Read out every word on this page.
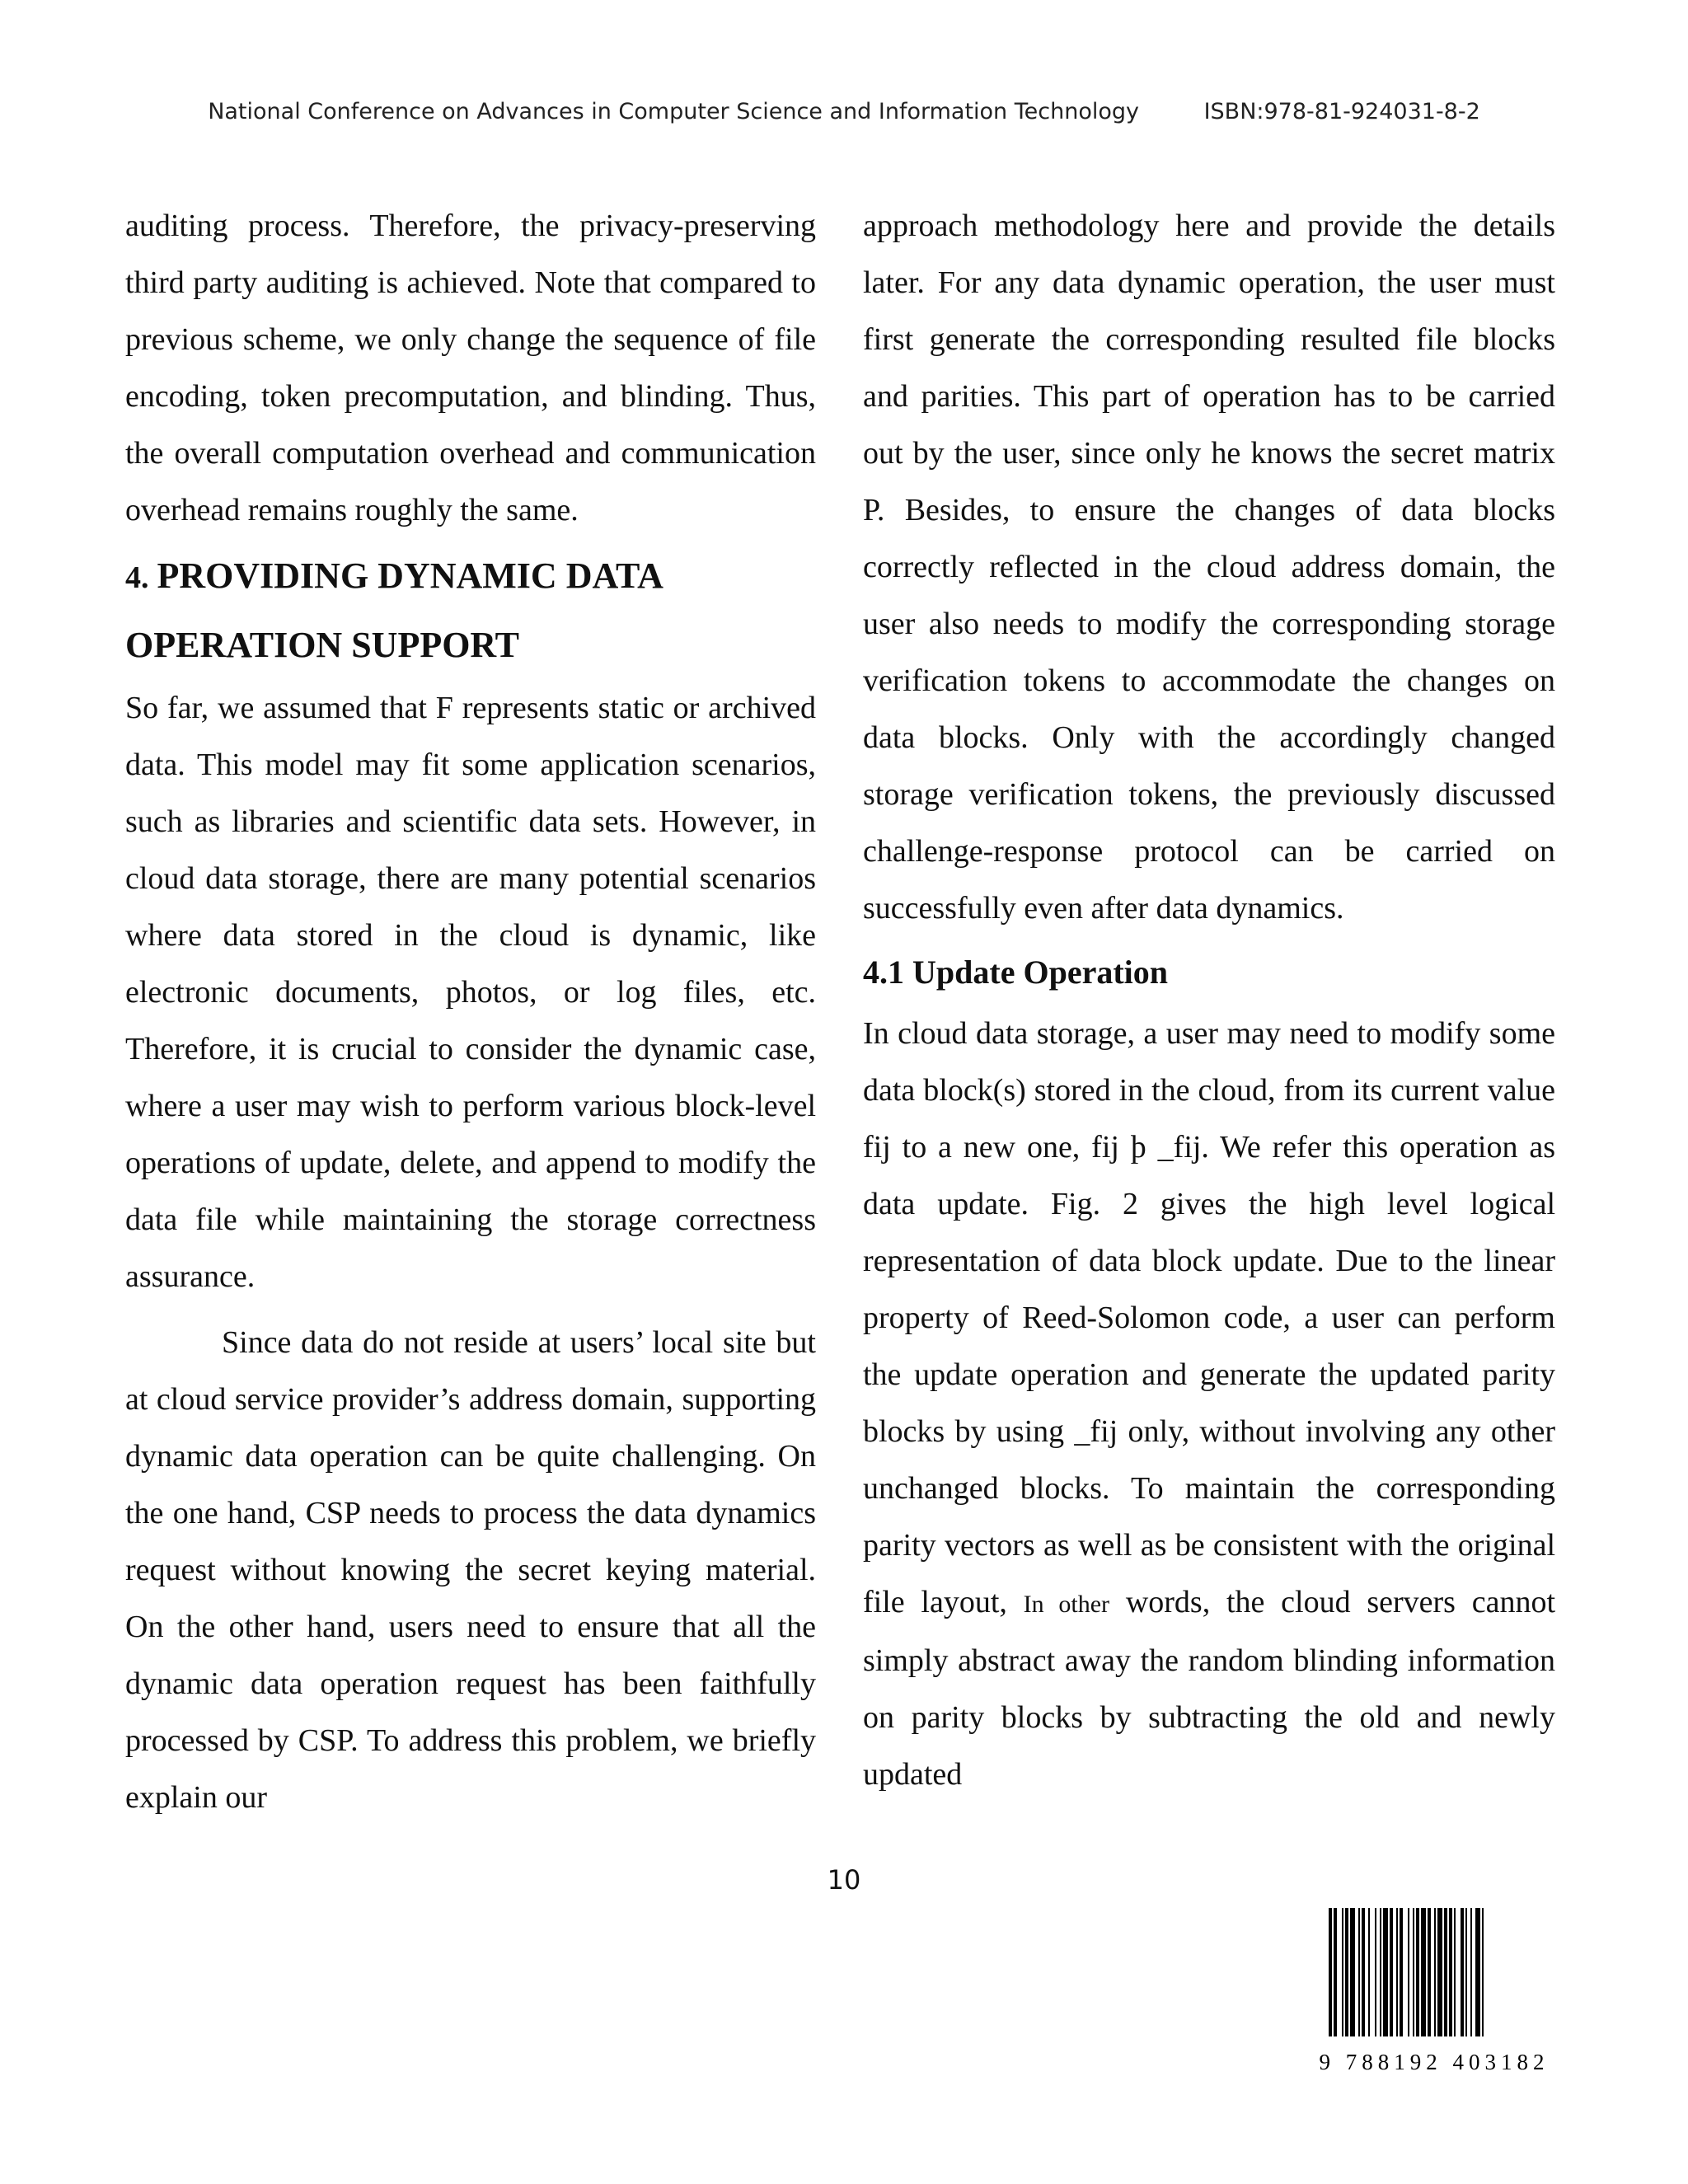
National Conference on Advances in Computer Science and Information Technology	ISBN:978-81-924031-8-2

auditing process. Therefore, the privacy-preserving third party auditing is achieved. Note that compared to previous scheme, we only change the sequence of file encoding, token precomputation, and blinding. Thus, the overall computation overhead and communication overhead remains roughly the same.

4. PROVIDING DYNAMIC DATA OPERATION SUPPORT

So far, we assumed that F represents static or archived data. This model may fit some application scenarios, such as libraries and scientific data sets. However, in cloud data storage, there are many potential scenarios where data stored in the cloud is dynamic, like electronic documents, photos, or log files, etc. Therefore, it is crucial to consider the dynamic case, where a user may wish to perform various block-level operations of update, delete, and append to modify the data file while maintaining the storage correctness assurance.

Since data do not reside at users’ local site but at cloud service provider’s address domain, supporting dynamic data operation can be quite challenging. On the one hand, CSP needs to process the data dynamics request without knowing the secret keying material. On the other hand, users need to ensure that all the dynamic data operation request has been faithfully processed by CSP. To address this problem, we briefly explain our

approach methodology here and provide the details later. For any data dynamic operation, the user must first generate the corresponding resulted file blocks and parities. This part of operation has to be carried out by the user, since only he knows the secret matrix P. Besides, to ensure the changes of data blocks correctly reflected in the cloud address domain, the user also needs to modify the corresponding storage verification tokens to accommodate the changes on data blocks. Only with the accordingly changed storage verification tokens, the previously discussed challenge-response protocol can be carried on successfully even after data dynamics.

4.1 Update Operation

In cloud data storage, a user may need to modify some data block(s) stored in the cloud, from its current value fij to a new one, fij þ _fij. We refer this operation as data update. Fig. 2 gives the high level logical representation of data block update. Due to the linear property of Reed-Solomon code, a user can perform the update operation and generate the updated parity blocks by using _fij only, without involving any other unchanged blocks. To maintain the corresponding parity vectors as well as be consistent with the original file layout, In other words, the cloud servers cannot simply abstract away the random blinding information on parity blocks by subtracting the old and newly updated

10
9 788192 403182
